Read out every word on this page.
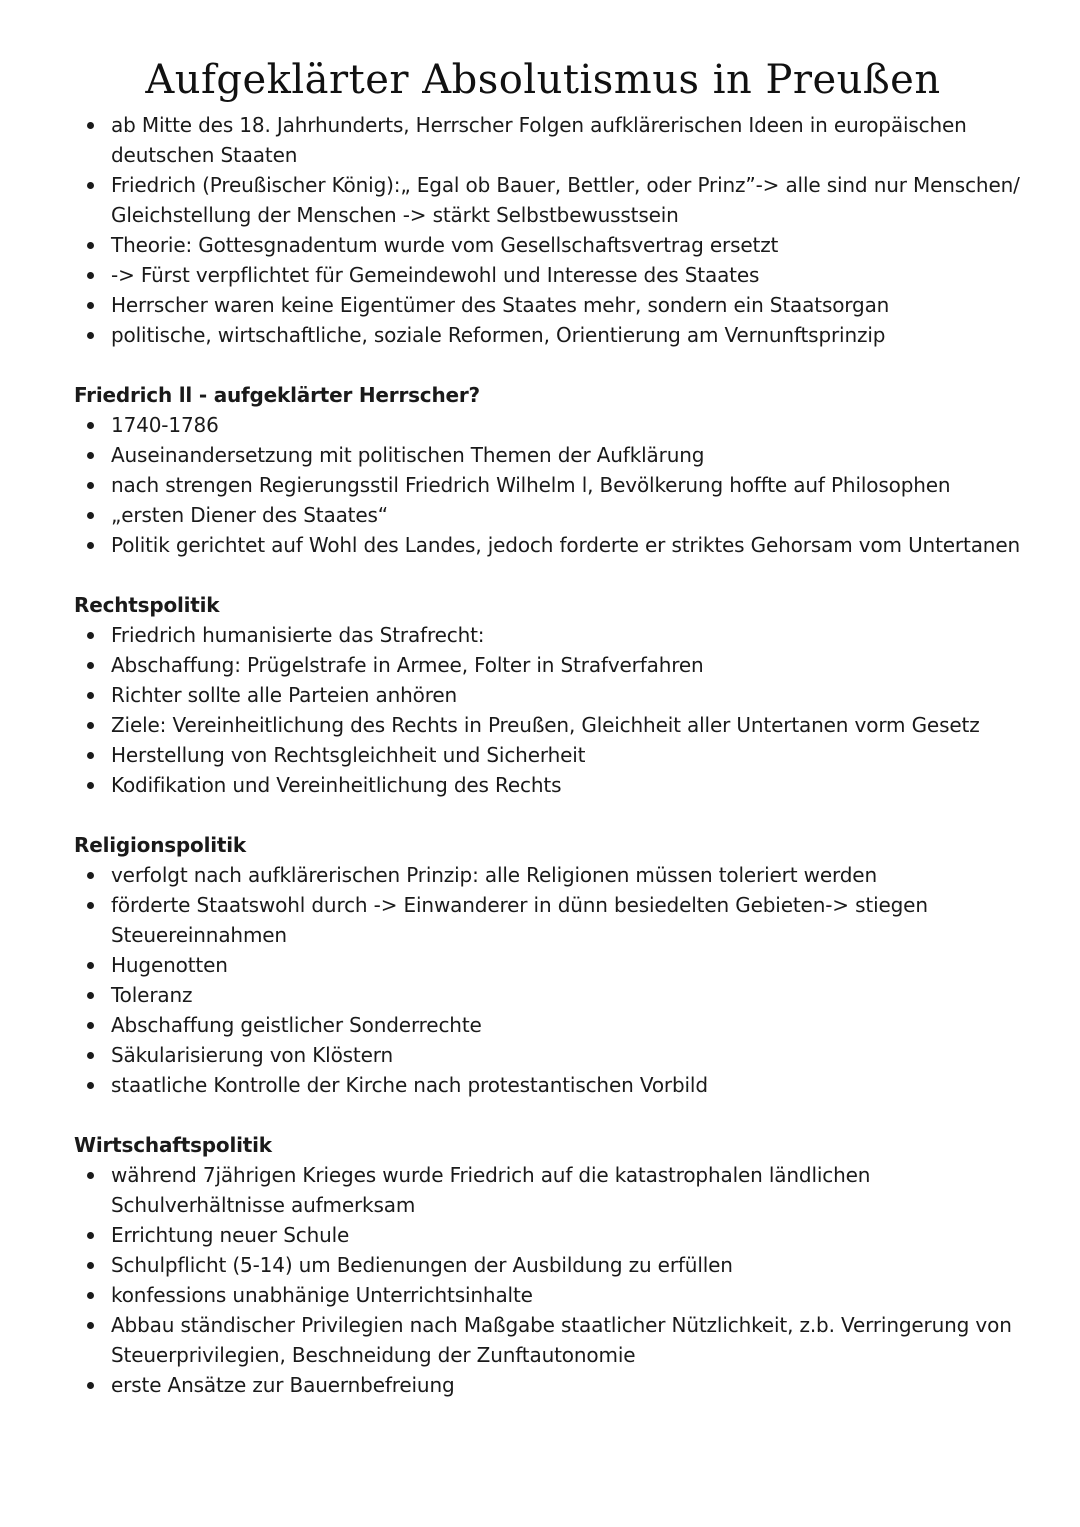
Aufgeklärter Absolutismus in Preußen
ab Mitte des 18. Jahrhunderts, Herrscher Folgen aufklärerischen Ideen in europäischen deutschen Staaten
Friedrich (Preußischer König):„ Egal ob Bauer, Bettler, oder Prinz”-> alle sind nur Menschen/ Gleichstellung der Menschen -> stärkt Selbstbewusstsein
Theorie: Gottesgnadentum wurde vom Gesellschaftsvertrag ersetzt
-> Fürst verpflichtet für Gemeindewohl und Interesse des Staates
Herrscher waren keine Eigentümer des Staates mehr, sondern ein Staatsorgan
politische, wirtschaftliche, soziale Reformen, Orientierung am Vernunftsprinzip
Friedrich ll - aufgeklärter Herrscher?
1740-1786
Auseinandersetzung mit politischen Themen der Aufklärung
nach strengen Regierungsstil Friedrich Wilhelm l, Bevölkerung hoffte auf Philosophen
„ersten Diener des Staates“
Politik gerichtet auf Wohl des Landes, jedoch forderte er striktes Gehorsam vom Untertanen
Rechtspolitik
Friedrich humanisierte das Strafrecht:
Abschaffung: Prügelstrafe in Armee, Folter in Strafverfahren
Richter sollte alle Parteien anhören
Ziele: Vereinheitlichung des Rechts in Preußen, Gleichheit aller Untertanen vorm Gesetz
Herstellung von Rechtsgleichheit und Sicherheit
Kodifikation und Vereinheitlichung des Rechts
Religionspolitik
verfolgt nach aufklärerischen Prinzip: alle Religionen müssen toleriert werden
förderte Staatswohl durch -> Einwanderer in dünn besiedelten Gebieten-> stiegen Steuereinnahmen
Hugenotten
Toleranz
Abschaffung geistlicher Sonderrechte
Säkularisierung von Klöstern
staatliche Kontrolle der Kirche nach protestantischen Vorbild
Wirtschaftspolitik
während 7jährigen Krieges wurde Friedrich auf die katastrophalen ländlichen Schulverhältnisse aufmerksam
Errichtung neuer Schule
Schulpflicht (5-14) um Bedienungen der Ausbildung zu erfüllen
konfessions unabhänige Unterrichtsinhalte
Abbau ständischer Privilegien nach Maßgabe staatlicher Nützlichkeit, z.b. Verringerung von Steuerprivilegien, Beschneidung der Zunftautonomie
erste Ansätze zur Bauernbefreiung
